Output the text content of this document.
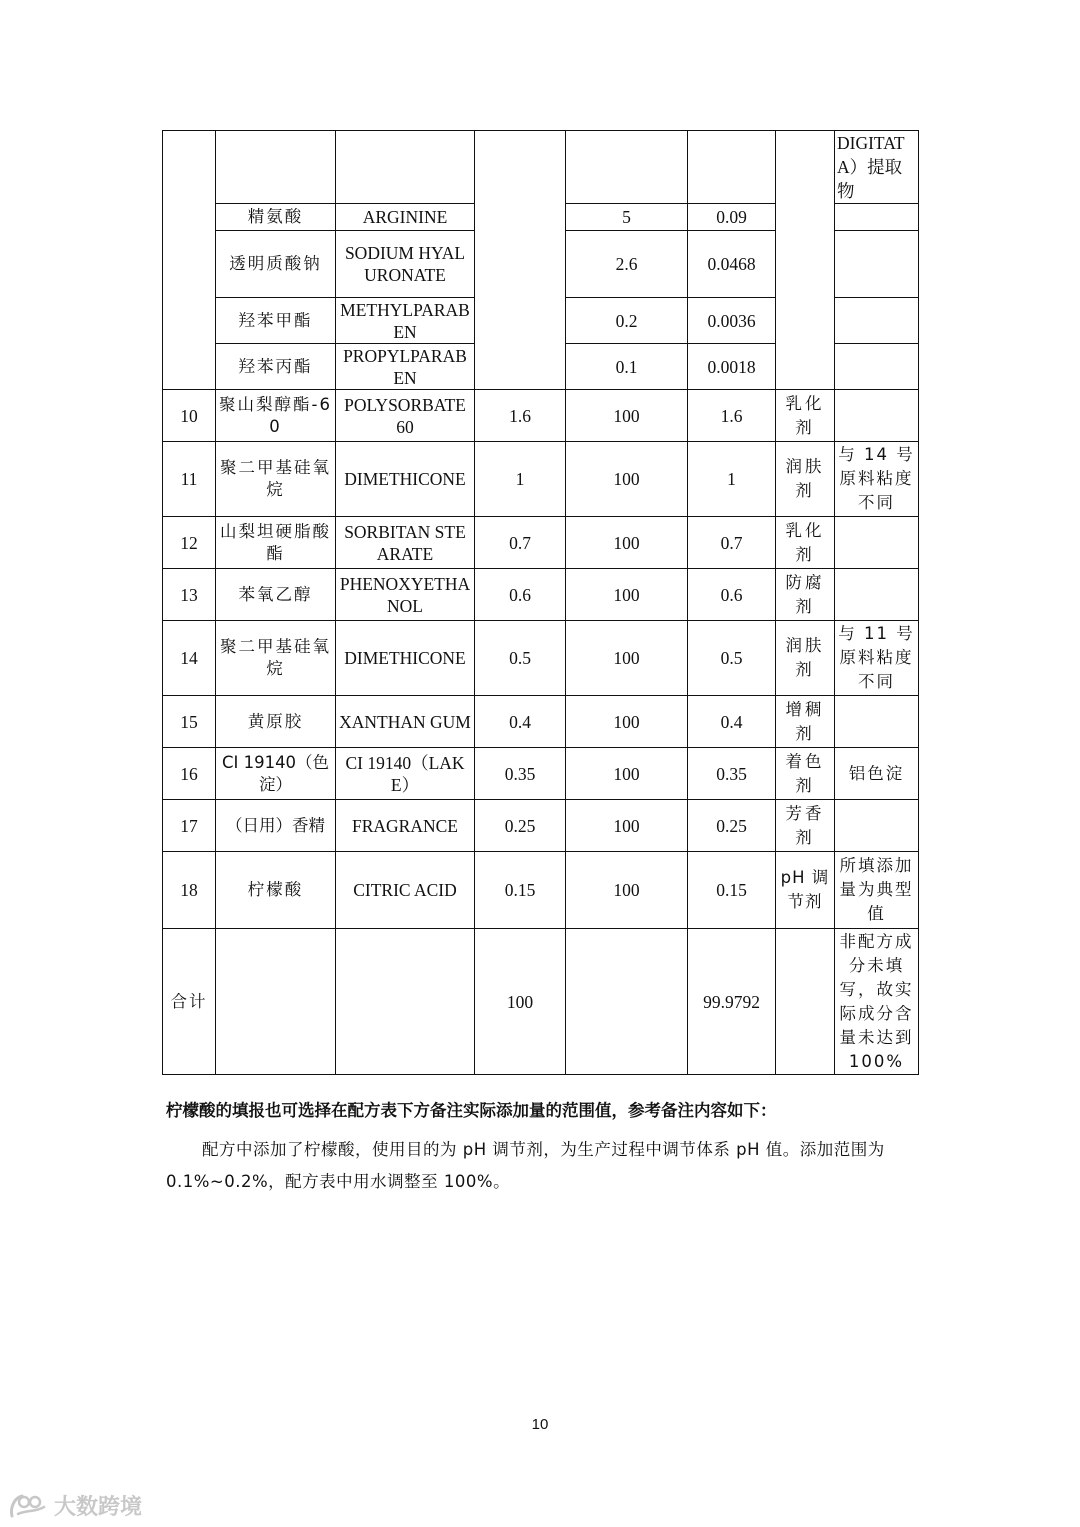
							DIGITATA）提取物
	精氨酸	ARGININE		5	0.09		
	透明质酸钠	SODIUM HYALURONATE		2.6	0.0468		
	羟苯甲酯	METHYLPARABEN		0.2	0.0036		
	羟苯丙酯	PROPYLPARABEN		0.1	0.0018		
10	聚山梨醇酯-60	POLYSORBATE 60	1.6	100	1.6	乳化剂	
11	聚二甲基硅氧烷	DIMETHICONE	1	100	1	润肤剂	与 14 号原料粘度不同
12	山梨坦硬脂酸酯	SORBITAN STEARATE	0.7	100	0.7	乳化剂	
13	苯氧乙醇	PHENOXYETHANOL	0.6	100	0.6	防腐剂	
14	聚二甲基硅氧烷	DIMETHICONE	0.5	100	0.5	润肤剂	与 11 号原料粘度不同
15	黄原胶	XANTHAN GUM	0.4	100	0.4	增稠剂	
16	CI 19140（色淀）	CI 19140（LAKE）	0.35	100	0.35	着色剂	铝色淀
17	（日用）香精	FRAGRANCE	0.25	100	0.25	芳香剂	
18	柠檬酸	CITRIC ACID	0.15	100	0.15	pH 调节剂	所填添加量为典型值
合计			100		99.9792		非配方成分未填写，故实际成分含量未达到 100%
柠檬酸的填报也可选择在配方表下方备注实际添加量的范围值，参考备注内容如下：
配方中添加了柠檬酸，使用目的为 pH 调节剂，为生产过程中调节体系 pH 值。添加范围为 0.1%~0.2%，配方表中用水调整至 100%。
10
大数跨境
